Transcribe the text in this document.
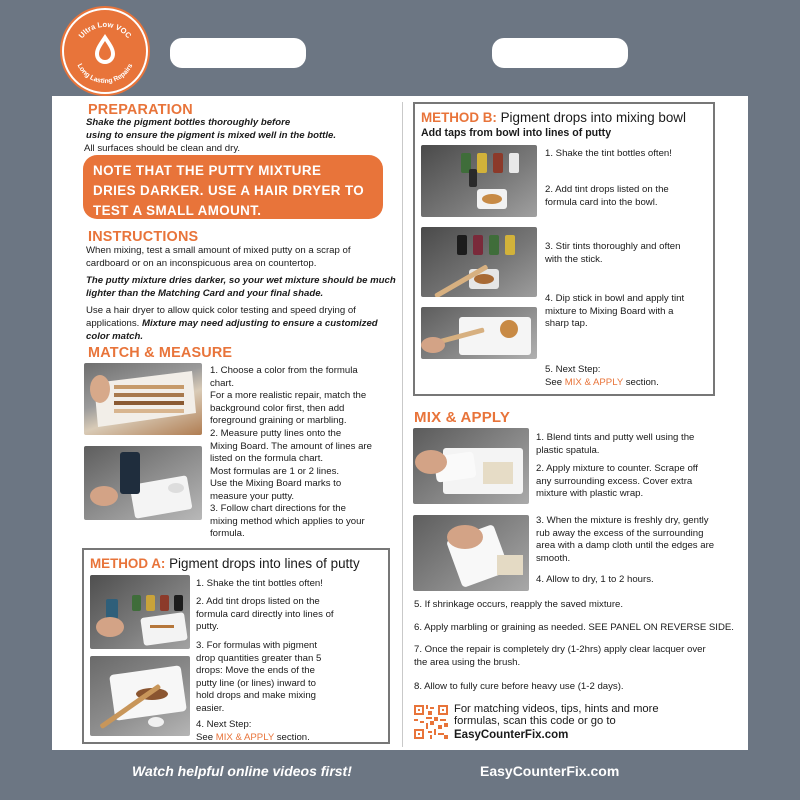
Ultra Low VOC
Long Lasting Repairs
PREPARATION
Shake the pigment bottles thoroughly before
using to ensure the pigment is mixed well in the bottle.
All surfaces should be clean and dry.
NOTE THAT THE PUTTY MIXTURE
DRIES DARKER. USE A HAIR DRYER TO
TEST A SMALL AMOUNT.
INSTRUCTIONS
When mixing, test a small amount of mixed putty on a scrap of
cardboard or on an inconspicuous area on countertop.
The putty mixture dries darker, so your wet mixture should be much
lighter than the Matching Card and your final shade.
Use a hair dryer to allow quick color testing and speed drying of
applications. Mixture may need adjusting to ensure a customized
color match.
MATCH & MEASURE
1. Choose a color from the formula
chart.
For a more realistic repair, match the
background color first, then add
foreground graining or marbling.
2. Measure putty lines onto the
Mixing Board. The amount of lines are
listed on the formula chart.
Most formulas are 1 or 2 lines.
Use the Mixing Board marks to
measure your putty.
3. Follow chart directions for the
mixing method which applies to your
formula.
METHOD A: Pigment drops into lines of putty
1. Shake the tint bottles often!
2. Add tint drops listed on the
formula card directly into lines of
putty.
3. For formulas with pigment
drop quantities greater than 5
drops: Move the ends of the
putty line (or lines) inward to
hold drops and make mixing
easier.
4. Next Step:
See MIX & APPLY section.
METHOD B: Pigment drops into mixing bowl
Add taps from bowl into lines of putty
1. Shake the tint bottles often!
2. Add tint drops listed on the
formula card into the bowl.
3. Stir tints thoroughly and often
with the stick.
4. Dip stick in bowl and apply tint
mixture to Mixing Board with a
sharp tap.
5. Next Step:
See MIX & APPLY section.
MIX & APPLY
1. Blend tints and putty well using the
plastic spatula.
2. Apply mixture to counter. Scrape off
any surrounding excess. Cover extra
mixture with plastic wrap.
3. When the mixture is freshly dry, gently
rub away the excess of the surrounding
area with a damp cloth until the edges are
smooth.
4. Allow to dry, 1 to 2 hours.
5. If shrinkage occurs, reapply the saved mixture.
6. Apply marbling or graining as needed. SEE PANEL ON REVERSE SIDE.
7. Once the repair is completely dry (1-2hrs) apply clear lacquer over
the area using the brush.
8. Allow to fully cure before heavy use (1-2 days).
For matching videos, tips, hints and more
formulas, scan this code or go to
EasyCounterFix.com
Watch helpful online videos first!	EasyCounterFix.com
